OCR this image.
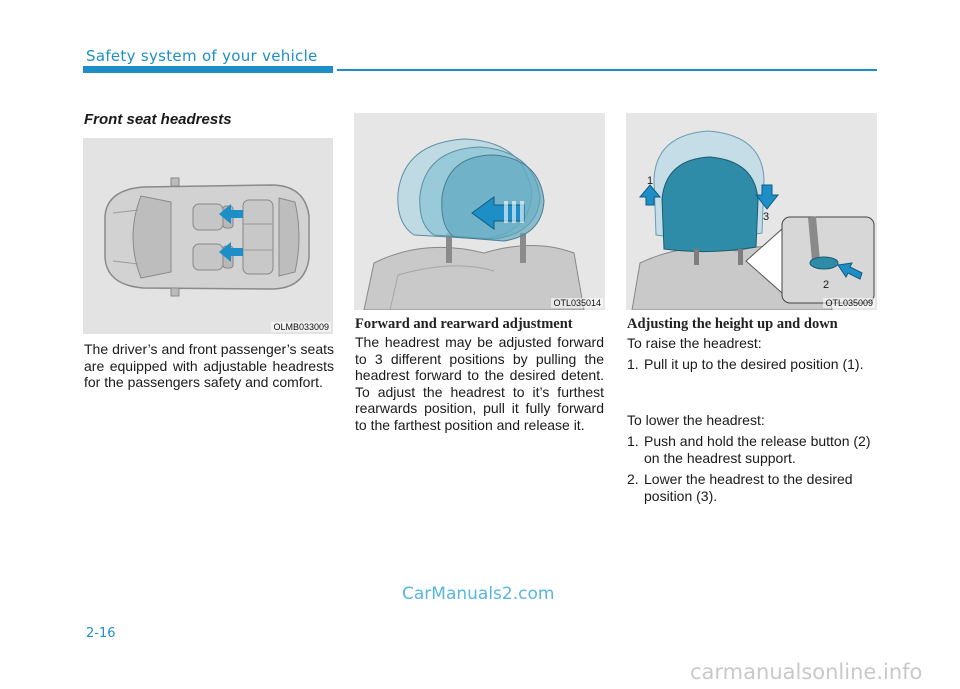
Safety system of your vehicle
Front seat headrests
OLMB033009
The driver’s and front passenger’s seats are equipped with adjustable headrests for the passengers safety and comfort.
OTL035014
Forward and rearward adjustment
The headrest may be adjusted forward to 3 different positions by pulling the headrest forward to the desired detent. To adjust the headrest to it’s furthest rearwards position, pull it fully forward to the farthest position and release it.
1
3
2
OTL035009
Adjusting the height up and down
To raise the headrest:
1. Pull it up to the desired position (1).
To lower the headrest:
1. Push and hold the release button (2) on the headrest support.
2. Lower the headrest to the desired position (3).
CarManuals2.com
2-16
carmanualsonline.info
